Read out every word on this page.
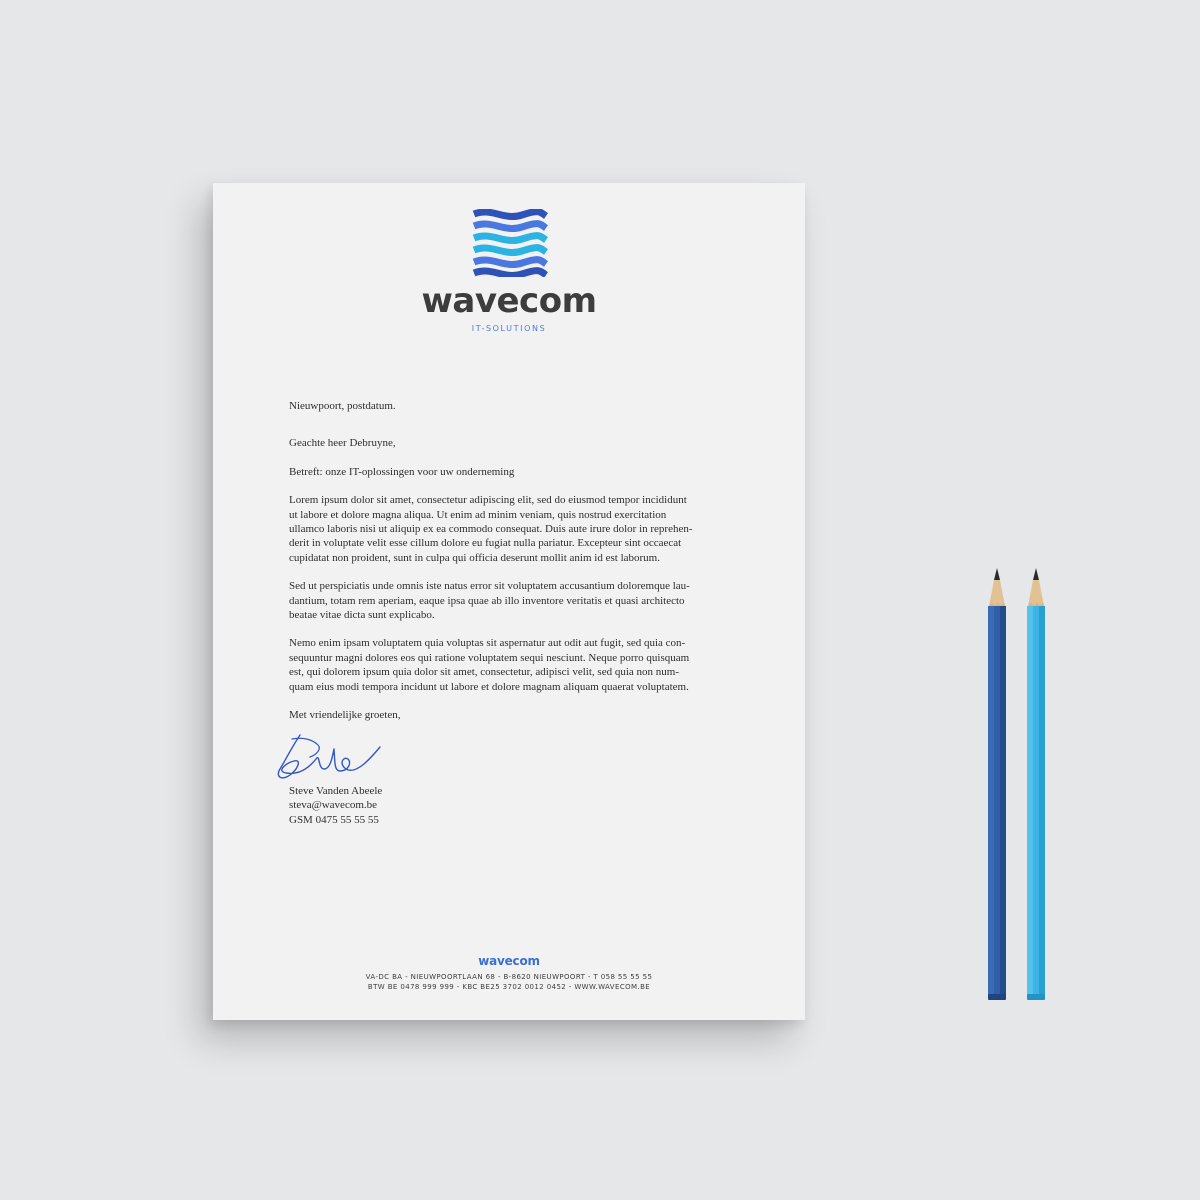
wavecom
IT-SOLUTIONS

Nieuwpoort, postdatum.

Geachte heer Debruyne,

Betreft: onze IT-oplossingen voor uw onderneming

Lorem ipsum dolor sit amet, consectetur adipiscing elit, sed do eiusmod tempor incididunt
ut labore et dolore magna aliqua. Ut enim ad minim veniam, quis nostrud exercitation
ullamco laboris nisi ut aliquip ex ea commodo consequat. Duis aute irure dolor in reprehen-
derit in voluptate velit esse cillum dolore eu fugiat nulla pariatur. Excepteur sint occaecat
cupidatat non proident, sunt in culpa qui officia deserunt mollit anim id est laborum.

Sed ut perspiciatis unde omnis iste natus error sit voluptatem accusantium doloremque lau-
dantium, totam rem aperiam, eaque ipsa quae ab illo inventore veritatis et quasi architecto
beatae vitae dicta sunt explicabo.

Nemo enim ipsam voluptatem quia voluptas sit aspernatur aut odit aut fugit, sed quia con-
sequuntur magni dolores eos qui ratione voluptatem sequi nesciunt. Neque porro quisquam
est, qui dolorem ipsum quia dolor sit amet, consectetur, adipisci velit, sed quia non num-
quam eius modi tempora incidunt ut labore et dolore magnam aliquam quaerat voluptatem.

Met vriendelijke groeten,

Steve Vanden Abeele
steva@wavecom.be
GSM 0475 55 55 55
wavecom
VA-DC BA - NIEUWPOORTLAAN 68 - B-8620 NIEUWPOORT - T 058 55 55 55
BTW BE 0478 999 999 - KBC BE25 3702 0012 0452 - WWW.WAVECOM.BE
